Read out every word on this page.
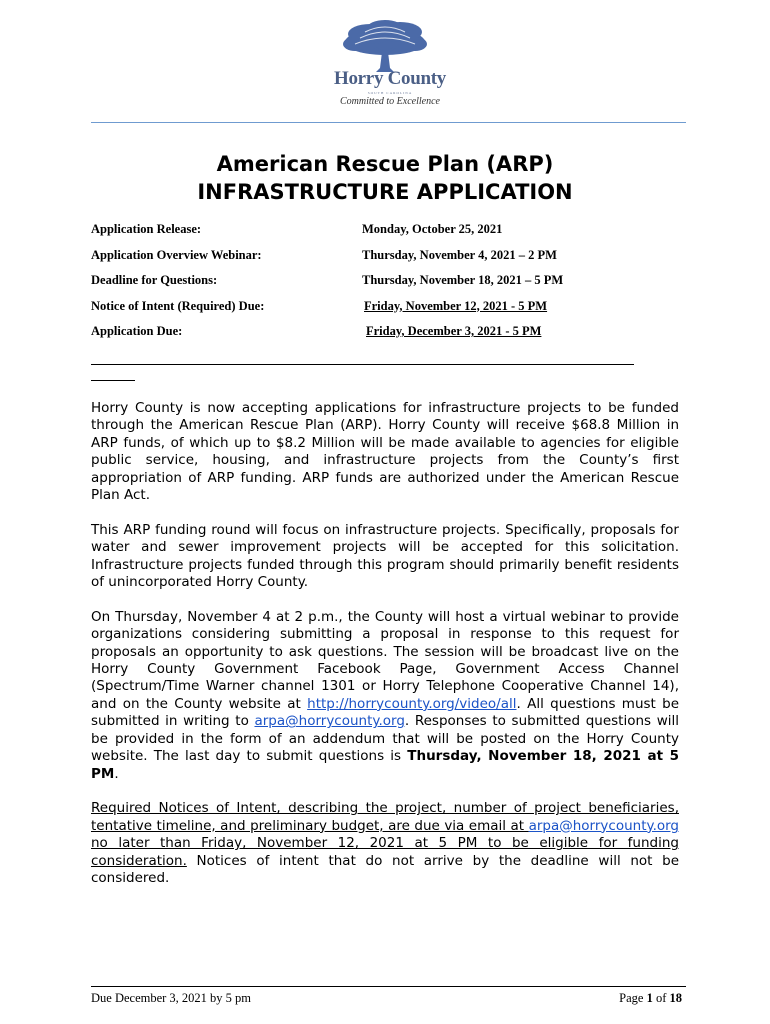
Horry County
SOUTH CAROLINA
Committed to Excellence
American Rescue Plan (ARP)
INFRASTRUCTURE APPLICATION
Application Release:	Monday, October 25, 2021
Application Overview Webinar:	Thursday, November 4, 2021 – 2 PM
Deadline for Questions:	Thursday, November 18, 2021 – 5 PM
Notice of Intent (Required) Due:	Friday, November 12, 2021 - 5 PM
Application Due:	Friday, December 3, 2021 - 5 PM

Horry County is now accepting applications for infrastructure projects to be funded through the American Rescue Plan (ARP). Horry County will receive $68.8 Million in ARP funds, of which up to $8.2 Million will be made available to agencies for eligible public service, housing, and infrastructure projects from the County’s first appropriation of ARP funding. ARP funds are authorized under the American Rescue Plan Act.

This ARP funding round will focus on infrastructure projects. Specifically, proposals for water and sewer improvement projects will be accepted for this solicitation. Infrastructure projects funded through this program should primarily benefit residents of unincorporated Horry County.

On Thursday, November 4 at 2 p.m., the County will host a virtual webinar to provide organizations considering submitting a proposal in response to this request for proposals an opportunity to ask questions. The session will be broadcast live on the Horry County Government Facebook Page, Government Access Channel (Spectrum/Time Warner channel 1301 or Horry Telephone Cooperative Channel 14), and on the County website at http://horrycounty.org/video/all. All questions must be submitted in writing to arpa@horrycounty.org. Responses to submitted questions will be provided in the form of an addendum that will be posted on the Horry County website. The last day to submit questions is Thursday, November 18, 2021 at 5 PM.

Required Notices of Intent, describing the project, number of project beneficiaries, tentative timeline, and preliminary budget, are due via email at arpa@horrycounty.org no later than Friday, November 12, 2021 at 5 PM to be eligible for funding consideration. Notices of intent that do not arrive by the deadline will not be considered.

Due December 3, 2021 by 5 pm	Page 1 of 18
